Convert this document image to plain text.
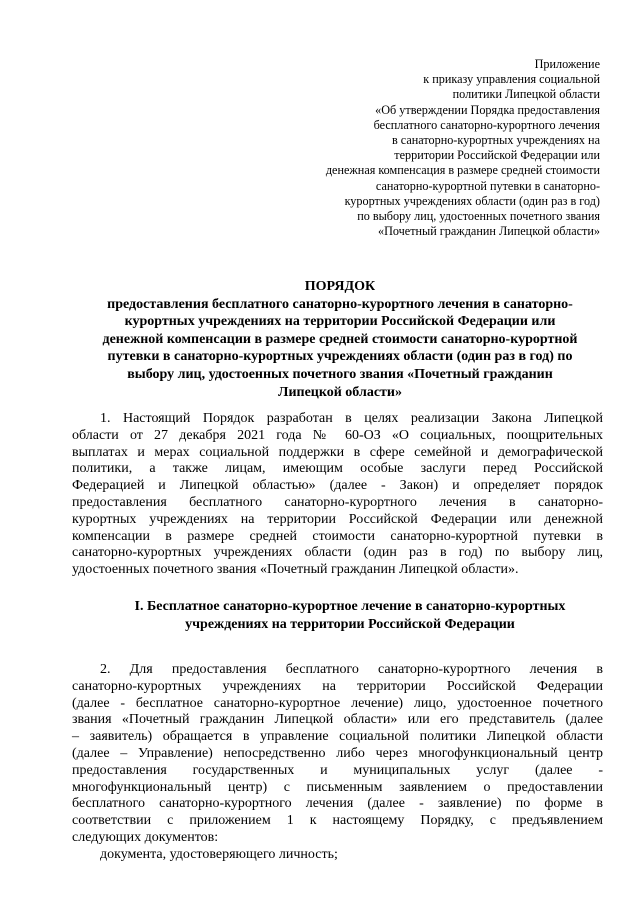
Приложение
к приказу управления социальной
политики Липецкой области
«Об утверждении Порядка предоставления
бесплатного санаторно-курортного лечения
в санаторно-курортных учреждениях на
территории Российской Федерации или
денежная компенсация в размере средней стоимости
санаторно-курортной путевки в санаторно-
курортных учреждениях области (один раз в год)
по выбору лиц, удостоенных почетного звания
«Почетный гражданин Липецкой области»
ПОРЯДОК
предоставления бесплатного санаторно-курортного лечения в санаторно-
курортных учреждениях на территории Российской Федерации или
денежной компенсации в размере средней стоимости санаторно-курортной
путевки в санаторно-курортных учреждениях области (один раз в год) по
выбору лиц, удостоенных почетного звания «Почетный гражданин
Липецкой области»
1. Настоящий Порядок разработан в целях реализации Закона Липецкой
области от 27 декабря 2021 года № 60-ОЗ «О социальных, поощрительных
выплатах и мерах социальной поддержки в сфере семейной и демографической
политики, а также лицам, имеющим особые заслуги перед Российской
Федерацией и Липецкой областью» (далее - Закон) и определяет порядок
предоставления бесплатного санаторно-курортного лечения в санаторно-
курортных учреждениях на территории Российской Федерации или денежной
компенсации в размере средней стоимости санаторно-курортной путевки в
санаторно-курортных учреждениях области (один раз в год) по выбору лиц,
удостоенных почетного звания «Почетный гражданин Липецкой области».
I. Бесплатное санаторно-курортное лечение в санаторно-курортных
учреждениях на территории Российской Федерации
2. Для предоставления бесплатного санаторно-курортного лечения в
санаторно-курортных учреждениях на территории Российской Федерации
(далее - бесплатное санаторно-курортное лечение) лицо, удостоенное почетного
звания «Почетный гражданин Липецкой области» или его представитель (далее
– заявитель) обращается в управление социальной политики Липецкой области
(далее – Управление) непосредственно либо через многофункциональный центр
предоставления государственных и муниципальных услуг (далее -
многофункциональный центр) с письменным заявлением о предоставлении
бесплатного санаторно-курортного лечения (далее - заявление) по форме в
соответствии с приложением 1 к настоящему Порядку, с предъявлением
следующих документов:
документа, удостоверяющего личность;
